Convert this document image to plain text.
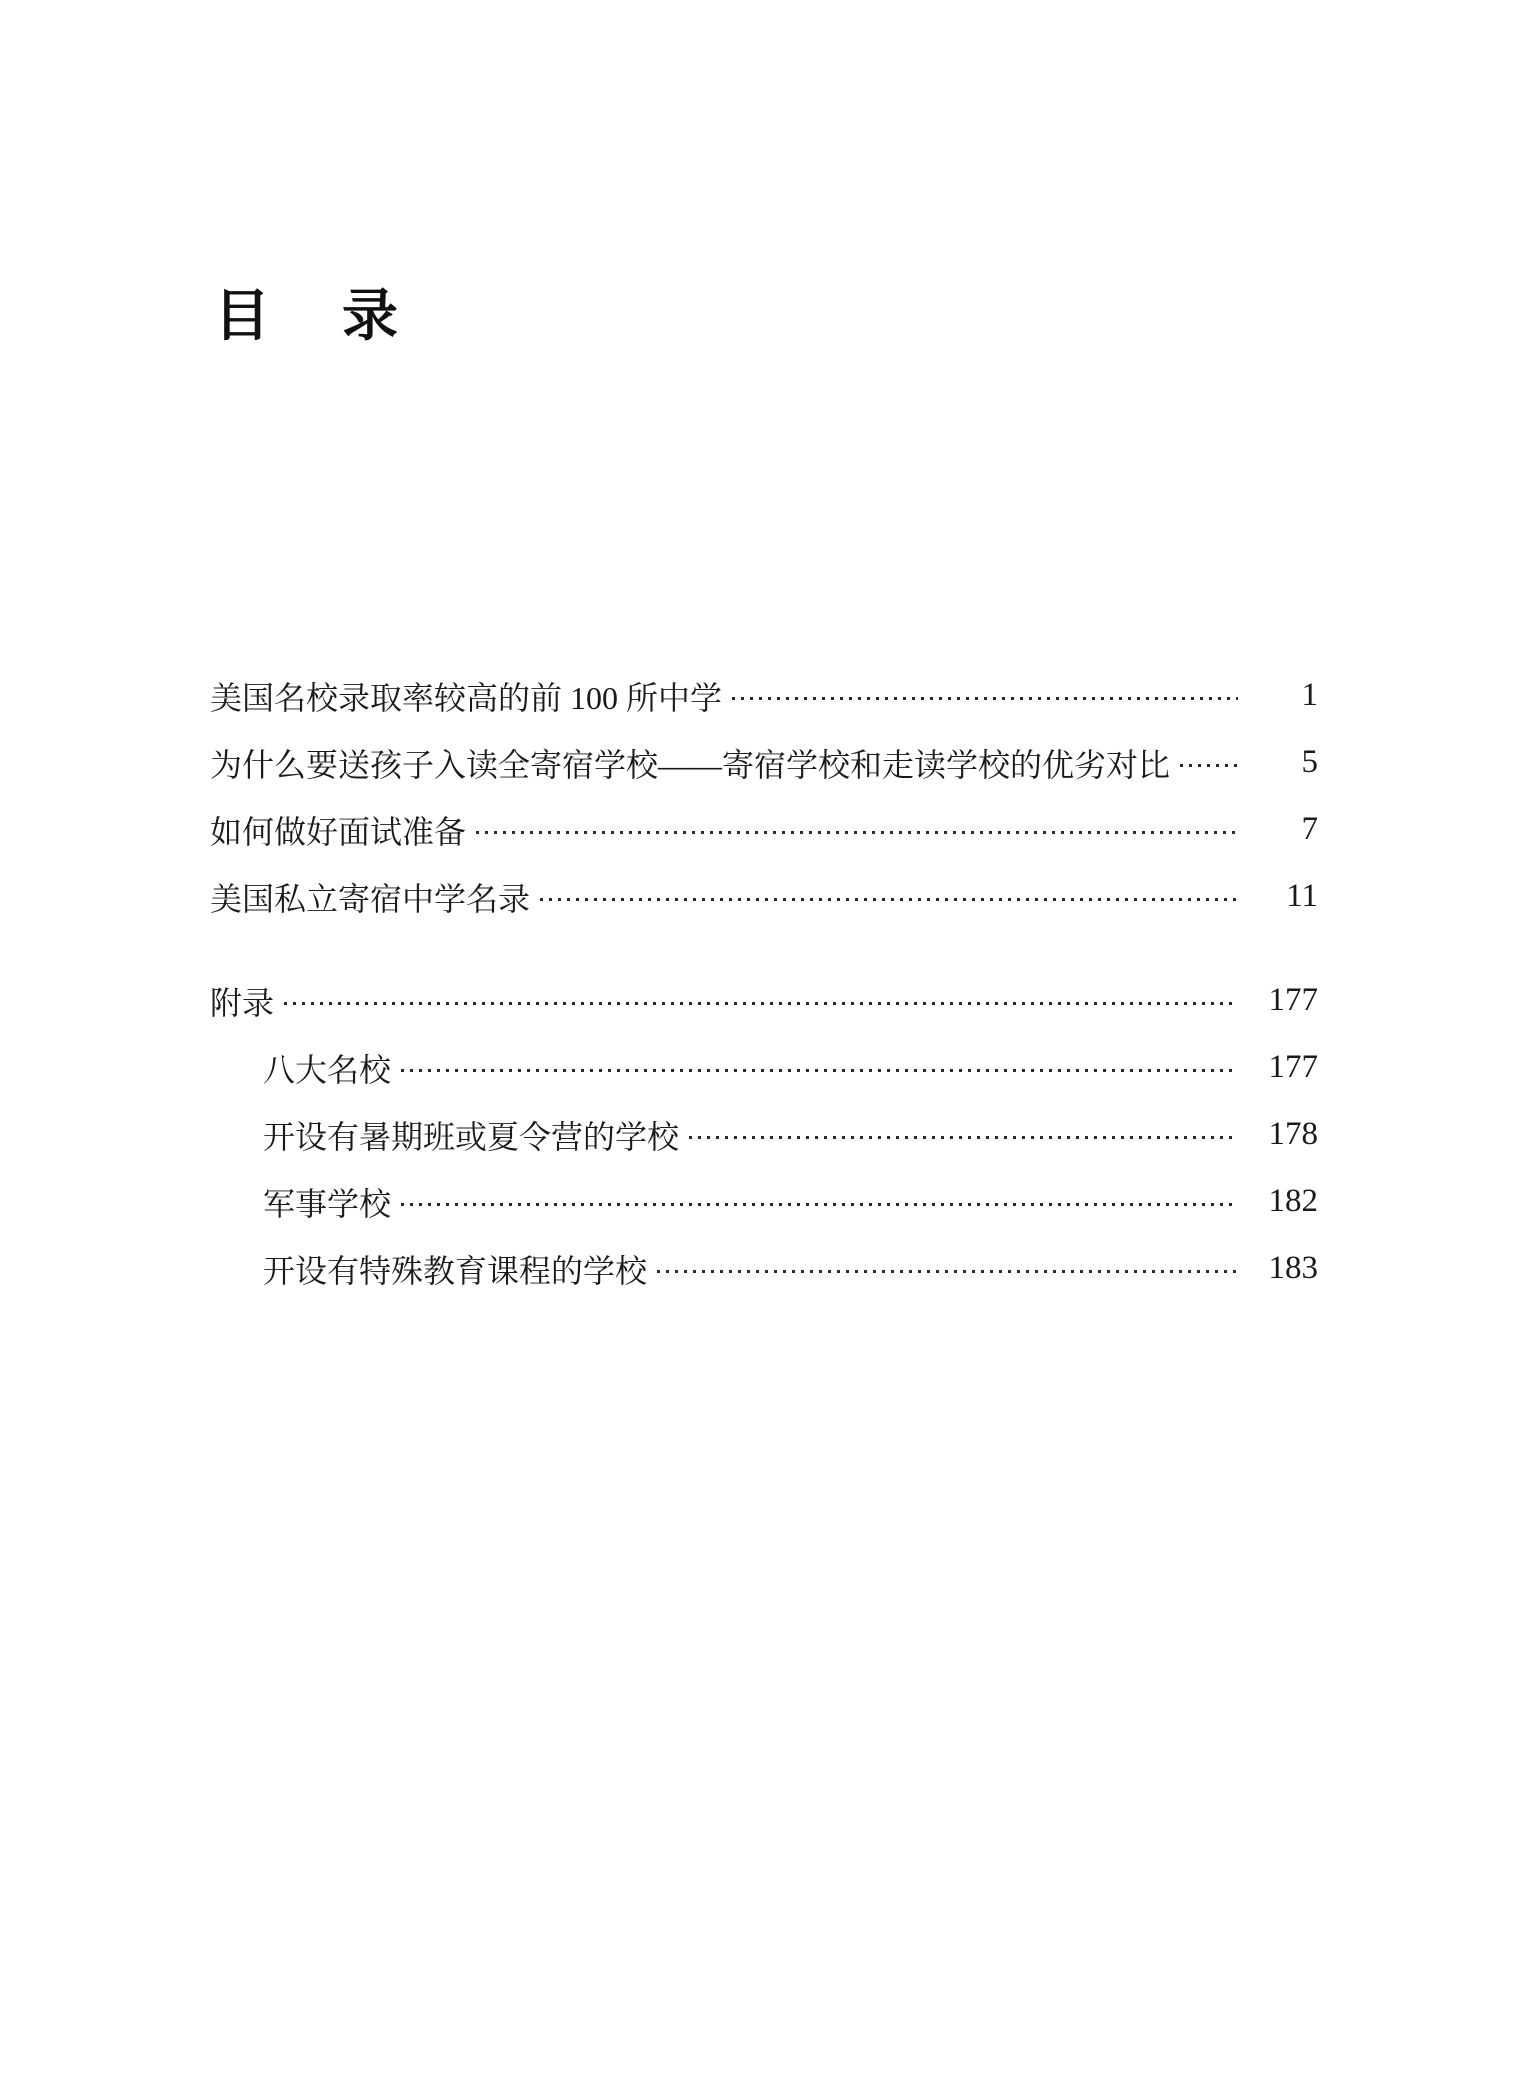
目　录
美国名校录取率较高的前 100 所中学	1
为什么要送孩子入读全寄宿学校——寄宿学校和走读学校的优劣对比	5
如何做好面试准备	7
美国私立寄宿中学名录	11
附录	177
八大名校	177
开设有暑期班或夏令营的学校	178
军事学校	182
开设有特殊教育课程的学校	183
